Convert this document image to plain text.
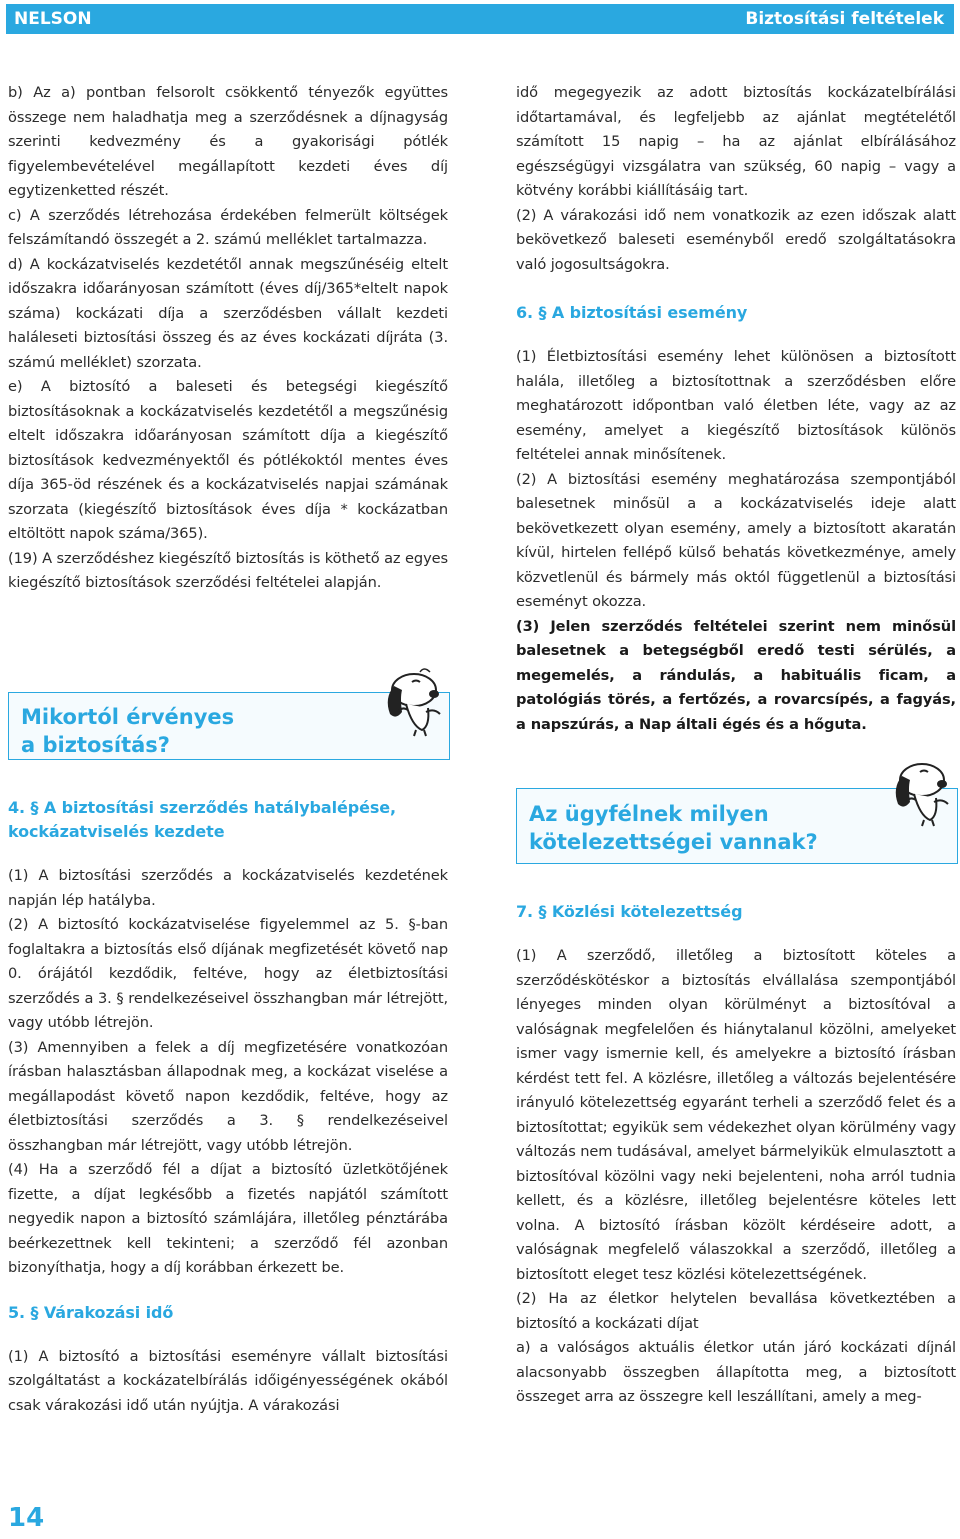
NELSON	Biztosítási feltételek

b) Az a) pontban felsorolt csökkentő tényezők együttes összege nem haladhatja meg a szerződésnek a díjnagyság szerinti kedvezmény és a gyakorisági pótlék figyelembevételével megállapított kezdeti éves díj egytizenketted részét.

c) A szerződés létrehozása érdekében felmerült költségek felszámítandó összegét a 2. számú melléklet tartalmazza.

d) A kockázatviselés kezdetétől annak megszűnéséig eltelt időszakra időarányosan számított (éves díj/365*eltelt napok száma) kockázati díja a szerződésben vállalt kezdeti haláleseti biztosítási összeg és az éves kockázati díjráta (3. számú melléklet) szorzata.

e) A biztosító a baleseti és betegségi kiegészítő biztosításoknak a kockázatviselés kezdetétől a megszűnésig eltelt időszakra időarányosan számított díja a kiegészítő biztosítások kedvezményektől és pótlékoktól mentes éves díja 365-öd részének és a kockázatviselés napjai számának szorzata (kiegészítő biztosítások éves díja * kockázatban eltöltött napok száma/365).

(19) A szerződéshez kiegészítő biztosítás is köthető az egyes kiegészítő biztosítások szerződési feltételei alapján.

Mikortól érvényes
a biztosítás?
4. § A biztosítási szerződés hatálybalépése,
kockázatviselés kezdete

(1) A biztosítási szerződés a kockázatviselés kezdetének napján lép hatályba.

(2) A biztosító kockázatviselése figyelemmel az 5. §-ban foglaltakra a biztosítás első díjának megfizetését követő nap 0. órájától kezdődik, feltéve, hogy az életbiztosítási szerződés a 3. § rendelkezéseivel összhangban már létrejött, vagy utóbb létrejön.

(3) Amennyiben a felek a díj megfizetésére vonatkozóan írásban halasztásban állapodnak meg, a kockázat viselése a megállapodást követő napon kezdődik, feltéve, hogy az életbiztosítási szerződés a 3. § rendelkezéseivel összhangban már létrejött, vagy utóbb létrejön.

(4) Ha a szerződő fél a díjat a biztosító üzletkötőjének fizette, a díjat legkésőbb a fizetés napjától számított negyedik napon a biztosító számlájára, illetőleg pénztárába beérkezettnek kell tekinteni; a szerződő fél azonban bizonyíthatja, hogy a díj korábban érkezett be.

5. § Várakozási idő

(1) A biztosító a biztosítási eseményre vállalt biztosítási szolgáltatást a kockázatelbírálás időigényességének okából csak várakozási idő után nyújtja. A várakozási

idő megegyezik az adott biztosítás kockázatelbírálási időtartamával, és legfeljebb az ajánlat megtételétől számított 15 napig – ha az ajánlat elbírálásához egészségügyi vizsgálatra van szükség, 60 napig – vagy a kötvény korábbi kiállításáig tart.

(2) A várakozási idő nem vonatkozik az ezen időszak alatt bekövetkező baleseti eseményből eredő szolgáltatásokra való jogosultságokra.

6. § A biztosítási esemény

(1) Életbiztosítási esemény lehet különösen a biztosított halála, illetőleg a biztosítottnak a szerződésben előre meghatározott időpontban való életben léte, vagy az az esemény, amelyet a kiegészítő biztosítások különös feltételei annak minősítenek.

(2) A biztosítási esemény meghatározása szempontjából balesetnek minősül a a kockázatviselés ideje alatt bekövetkezett olyan esemény, amely a biztosított akaratán kívül, hirtelen fellépő külső behatás következménye, amely közvetlenül és bármely más októl függetlenül a biztosítási eseményt okozza.

(3) Jelen szerződés feltételei szerint nem minősül balesetnek a betegségből eredő testi sérülés, a megemelés, a rándulás, a habituális ficam, a patológiás törés, a fertőzés, a rovarcsípés, a fagyás, a napszúrás, a Nap általi égés és a hőguta.

Az ügyfélnek milyen
kötelezettségei vannak?
7. § Közlési kötelezettség

(1) A szerződő, illetőleg a biztosított köteles a szerződéskötéskor a biztosítás elvállalása szempontjából lényeges minden olyan körülményt a biztosítóval a valóságnak megfelelően és hiánytalanul közölni, amelyeket ismer vagy ismernie kell, és amelyekre a biztosító írásban kérdést tett fel. A közlésre, illetőleg a változás bejelentésére irányuló kötelezettség egyaránt terheli a szerződő felet és a biztosítottat; egyikük sem védekezhet olyan körülmény vagy változás nem tudásával, amelyet bármelyikük elmulasztott a biztosítóval közölni vagy neki bejelenteni, noha arról tudnia kellett, és a közlésre, illetőleg bejelentésre köteles lett volna. A biztosító írásban közölt kérdéseire adott, a valóságnak megfelelő válaszokkal a szerződő, illetőleg a biztosított eleget tesz közlési kötelezettségének.

(2) Ha az életkor helytelen bevallása következtében a biztosító a kockázati díjat

a) a valóságos aktuális életkor után járó kockázati díjnál alacsonyabb összegben állapította meg, a biztosított összeget arra az összegre kell leszállítani, amely a meg-

14
